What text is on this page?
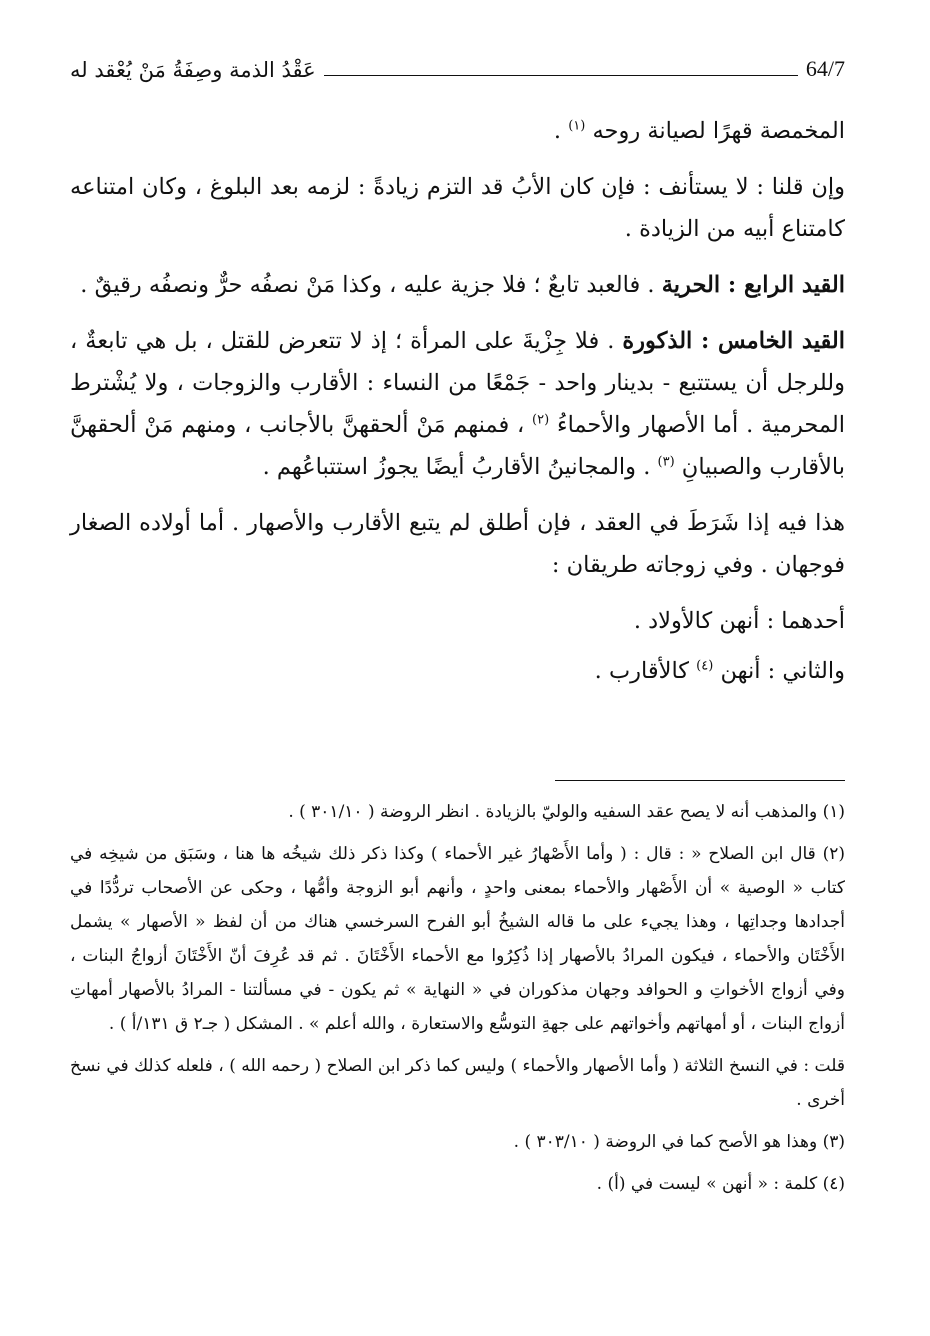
عَقْدُ الذمة وصِفَةُ مَنْ يُعْقد له	64/7

المخمصة قهرًا لصيانة روحه $^{(١)}$ .

وإن قلنا : لا يستأنف : فإن كان الأبُ قد التزم زيادةً : لزمه بعد البلوغ ، وكان امتناعه كامتناع أبيه من الزيادة .

القيد الرابع : الحرية . فالعبد تابعٌ ؛ فلا جزية عليه ، وكذا مَنْ نصفُه حرٌّ ونصفُه رقيقٌ .

القيد الخامس : الذكورة . فلا جِزْيةَ على المرأة ؛ إذ لا تتعرض للقتل ، بل هي تابعةٌ ، وللرجل أن يستتبع - بدينار واحد - جَمْعًا من النساء : الأقارب والزوجات ، ولا يُشْترط المحرمية . أما الأصهار والأحماءُ $^{(٢)}$ ، فمنهم مَنْ ألحقهنَّ بالأجانب ، ومنهم مَنْ ألحقهنَّ بالأقارب والصبيانِ $^{(٣)}$ . والمجانينُ الأقاربُ أيضًا يجوزُ استتباعُهم .

هذا فيه إذا شَرَطَ في العقد ، فإن أطلق لم يتبع الأقارب والأصهار . أما أولاده الصغار فوجهان . وفي زوجاته طريقان :

أحدهما : أنهن كالأولاد .

والثاني : أنهن $^{(٤)}$ كالأقارب .

(١) والمذهب أنه لا يصح عقد السفيه والوليّ بالزيادة . انظر الروضة ( ٣٠١/١٠ ) .

(٢) قال ابن الصلاح « : قال : ( وأما الأَصْهارُ غير الأحماء ) وكذا ذكر ذلك شيخُه ها هنا ، وسَبَق من شيخِه في كتاب « الوصية » أن الأَصْهار والأحماء بمعنى واحدٍ ، وأنهم أبو الزوجة وأمُّها ، وحكى عن الأصحاب تردُّدًا في أجدادها وجداتِها ، وهذا يجيء على ما قاله الشيخُ أبو الفرح السرخسي هناك من أن لفظ « الأصهار » يشمل الأَخْتَان والأحماء ، فيكون المرادُ بالأصهار إذا ذُكِرُوا مع الأحماء الأَخْتَانَ . ثم قد عُرِفَ أنّ الأَخْتَانَ أزواجُ البنات ، وفي أزواج الأخواتِ و الحوافد وجهان مذكوران في « النهاية » ثم يكون - في مسألتنا - المرادُ بالأصهار أمهاتِ أزواج البنات ، أو أمهاتهم وأخواتهم على جهةِ التوسُّع والاستعارة ، والله أعلم » . المشكل ( جـ٢ ق ١٣١/أ ) .

قلت : في النسخ الثلاثة ( وأما الأصهار والأحماء ) وليس كما ذكر ابن الصلاح ( رحمه الله ) ، فلعله كذلك في نسخ أخرى .

(٣) وهذا هو الأصح كما في الروضة ( ٣٠٣/١٠ ) .

(٤) كلمة : « أنهن » ليست في (أ) .
